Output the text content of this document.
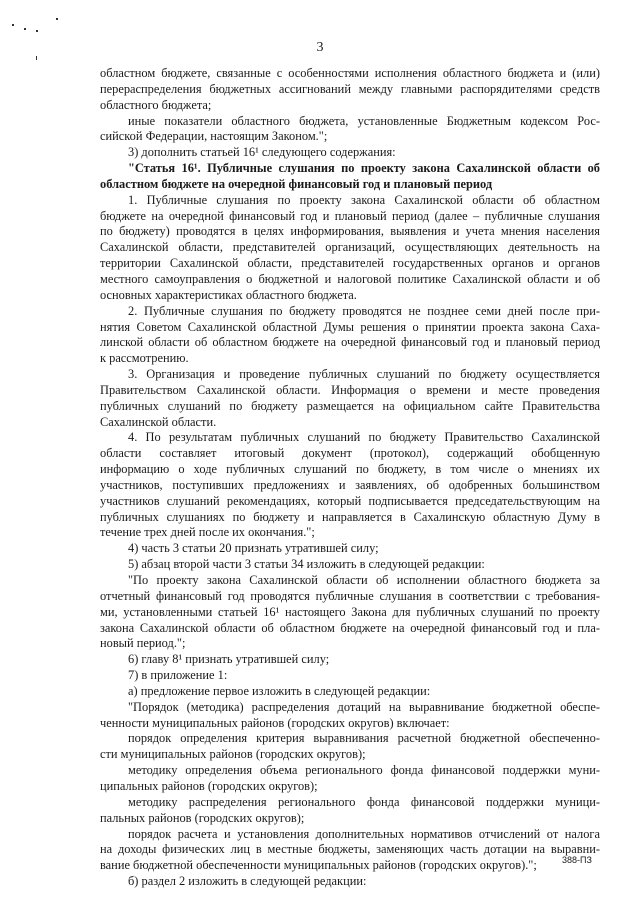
3
областном бюджете, связанные с особенностями исполнения областного бюджета и (или)
перераспределения бюджетных ассигнований между главными распорядителями средств
областного бюджета;
иные показатели областного бюджета, установленные Бюджетным кодексом Рос-
сийской Федерации, настоящим Законом.";
3) дополнить статьей 16¹ следующего содержания:
"Статья 16¹. Публичные слушания по проекту закона Сахалинской области об
областном бюджете на очередной финансовый год и плановый период
1. Публичные слушания по проекту закона Сахалинской области об областном
бюджете на очередной финансовый год и плановый период (далее – публичные слушания
по бюджету) проводятся в целях информирования, выявления и учета мнения населения
Сахалинской области, представителей организаций, осуществляющих деятельность на
территории Сахалинской области, представителей государственных органов и органов
местного самоуправления о бюджетной и налоговой политике Сахалинской области и об
основных характеристиках областного бюджета.
2. Публичные слушания по бюджету проводятся не позднее семи дней после при-
нятия Советом Сахалинской областной Думы решения о принятии проекта закона Саха-
линской области об областном бюджете на очередной финансовый год и плановый период
к рассмотрению.
3. Организация и проведение публичных слушаний по бюджету осуществляется
Правительством Сахалинской области. Информация о времени и месте проведения
публичных слушаний по бюджету размещается на официальном сайте Правительства
Сахалинской области.
4. По результатам публичных слушаний по бюджету Правительство Сахалинской
области составляет итоговый документ (протокол), содержащий обобщенную
информацию о ходе публичных слушаний по бюджету, в том числе о мнениях их
участников, поступивших предложениях и заявлениях, об одобренных большинством
участников слушаний рекомендациях, который подписывается председательствующим на
публичных слушаниях по бюджету и направляется в Сахалинскую областную Думу в
течение трех дней после их окончания.";
4) часть 3 статьи 20 признать утратившей силу;
5) абзац второй части 3 статьи 34 изложить в следующей редакции:
"По проекту закона Сахалинской области об исполнении областного бюджета за
отчетный финансовый год проводятся публичные слушания в соответствии с требования-
ми, установленными статьей 16¹ настоящего Закона для публичных слушаний по проекту
закона Сахалинской области об областном бюджете на очередной финансовый год и пла-
новый период.";
6) главу 8¹ признать утратившей силу;
7) в приложение 1:
а) предложение первое изложить в следующей редакции:
"Порядок (методика) распределения дотаций на выравнивание бюджетной обеспе-
ченности муниципальных районов (городских округов) включает:
порядок определения критерия выравнивания расчетной бюджетной обеспеченно-
сти муниципальных районов (городских округов);
методику определения объема регионального фонда финансовой поддержки муни-
ципальных районов (городских округов);
методику распределения регионального фонда финансовой поддержки муници-
пальных районов (городских округов);
порядок расчета и установления дополнительных нормативов отчислений от налога
на доходы физических лиц в местные бюджеты, заменяющих часть дотации на выравни-
вание бюджетной обеспеченности муниципальных районов (городских округов).";
б) раздел 2 изложить в следующей редакции:
388-ПЗ
